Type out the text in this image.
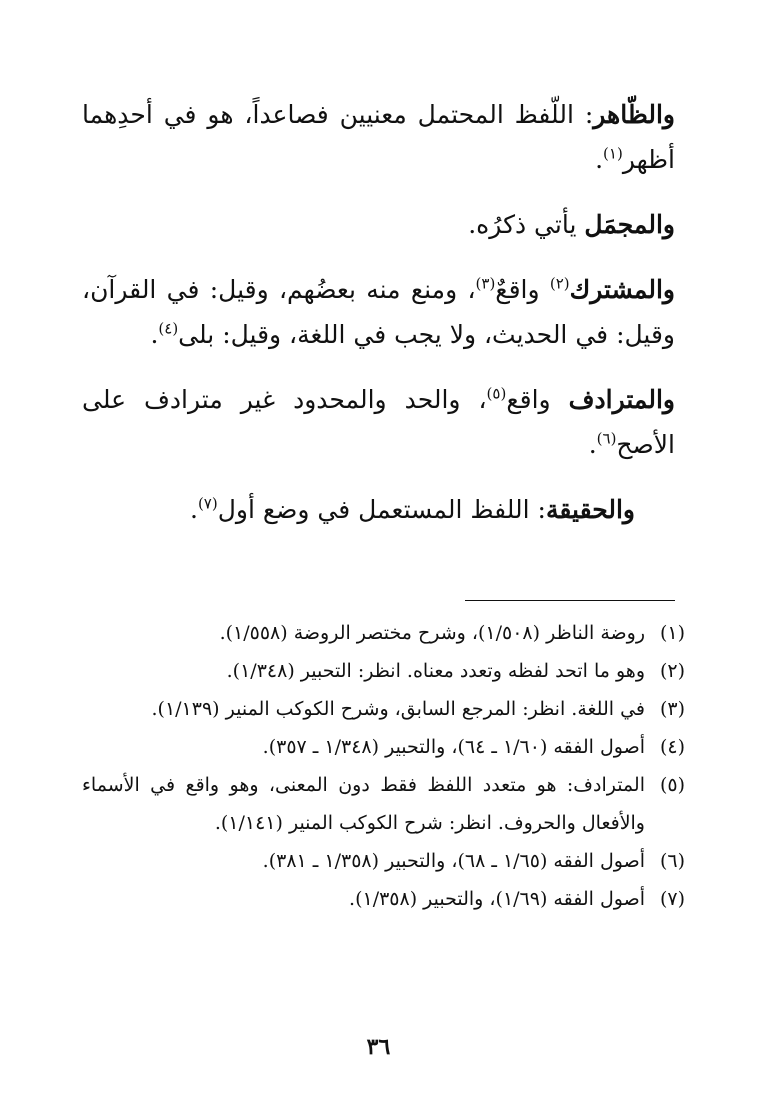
والظّاهر: اللّفظ المحتمل معنيين فصاعداً، هو في أحدِهما أظهر$^{(١)}$.

والمجمَل يأتي ذكرُه.

والمشترك$^{(٢)}$ واقعٌ$^{(٣)}$، ومنع منه بعضُهم، وقيل: في القرآن، وقيل: في الحديث، ولا يجب في اللغة، وقيل: بلى$^{(٤)}$.

والمترادف واقع$^{(٥)}$، والحد والمحدود غير مترادف على الأصح$^{(٦)}$.

والحقيقة: اللفظ المستعمل في وضع أول$^{(٧)}$.

(١)
روضة الناظر (١/٥٠٨)، وشرح مختصر الروضة (١/٥٥٨).
(٢)
وهو ما اتحد لفظه وتعدد معناه. انظر: التحبير (١/٣٤٨).
(٣)
في اللغة. انظر: المرجع السابق، وشرح الكوكب المنير (١/١٣٩).
(٤)
أصول الفقه (١/٦٠ ـ ٦٤)، والتحبير (١/٣٤٨ ـ ٣٥٧).
(٥)
المترادف: هو متعدد اللفظ فقط دون المعنى، وهو واقع في الأسماء والأفعال والحروف. انظر: شرح الكوكب المنير (١/١٤١).
(٦)
أصول الفقه (١/٦٥ ـ ٦٨)، والتحبير (١/٣٥٨ ـ ٣٨١).
(٧)
أصول الفقه (١/٦٩)، والتحبير (١/٣٥٨).
٣٦
